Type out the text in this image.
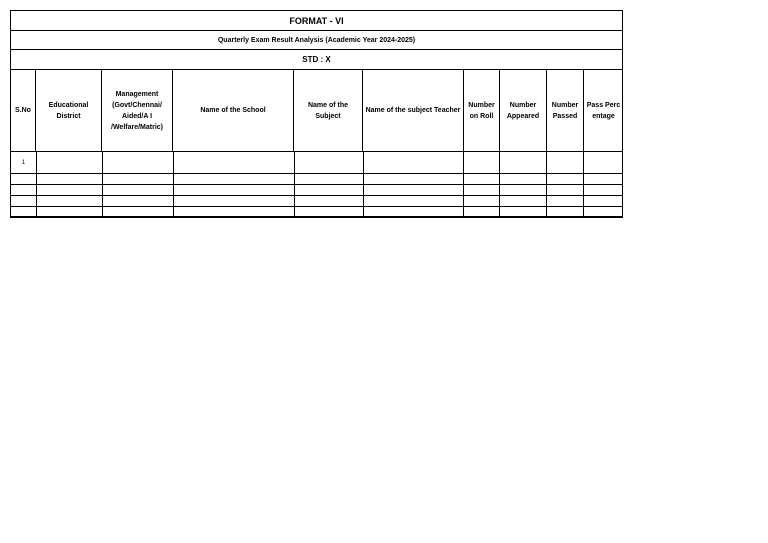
FORMAT - VI
Quarterly Exam Result Analysis (Academic Year 2024-2025)
STD : X
S.No
Educational District
Management (Govt/Chennai/ Aided/A I /Welfare/Matric)
Name of the School
Name of the Subject
Name of the subject Teacher
Number on Roll
Number Appeared
Number Passed
Pass Percentage
1
